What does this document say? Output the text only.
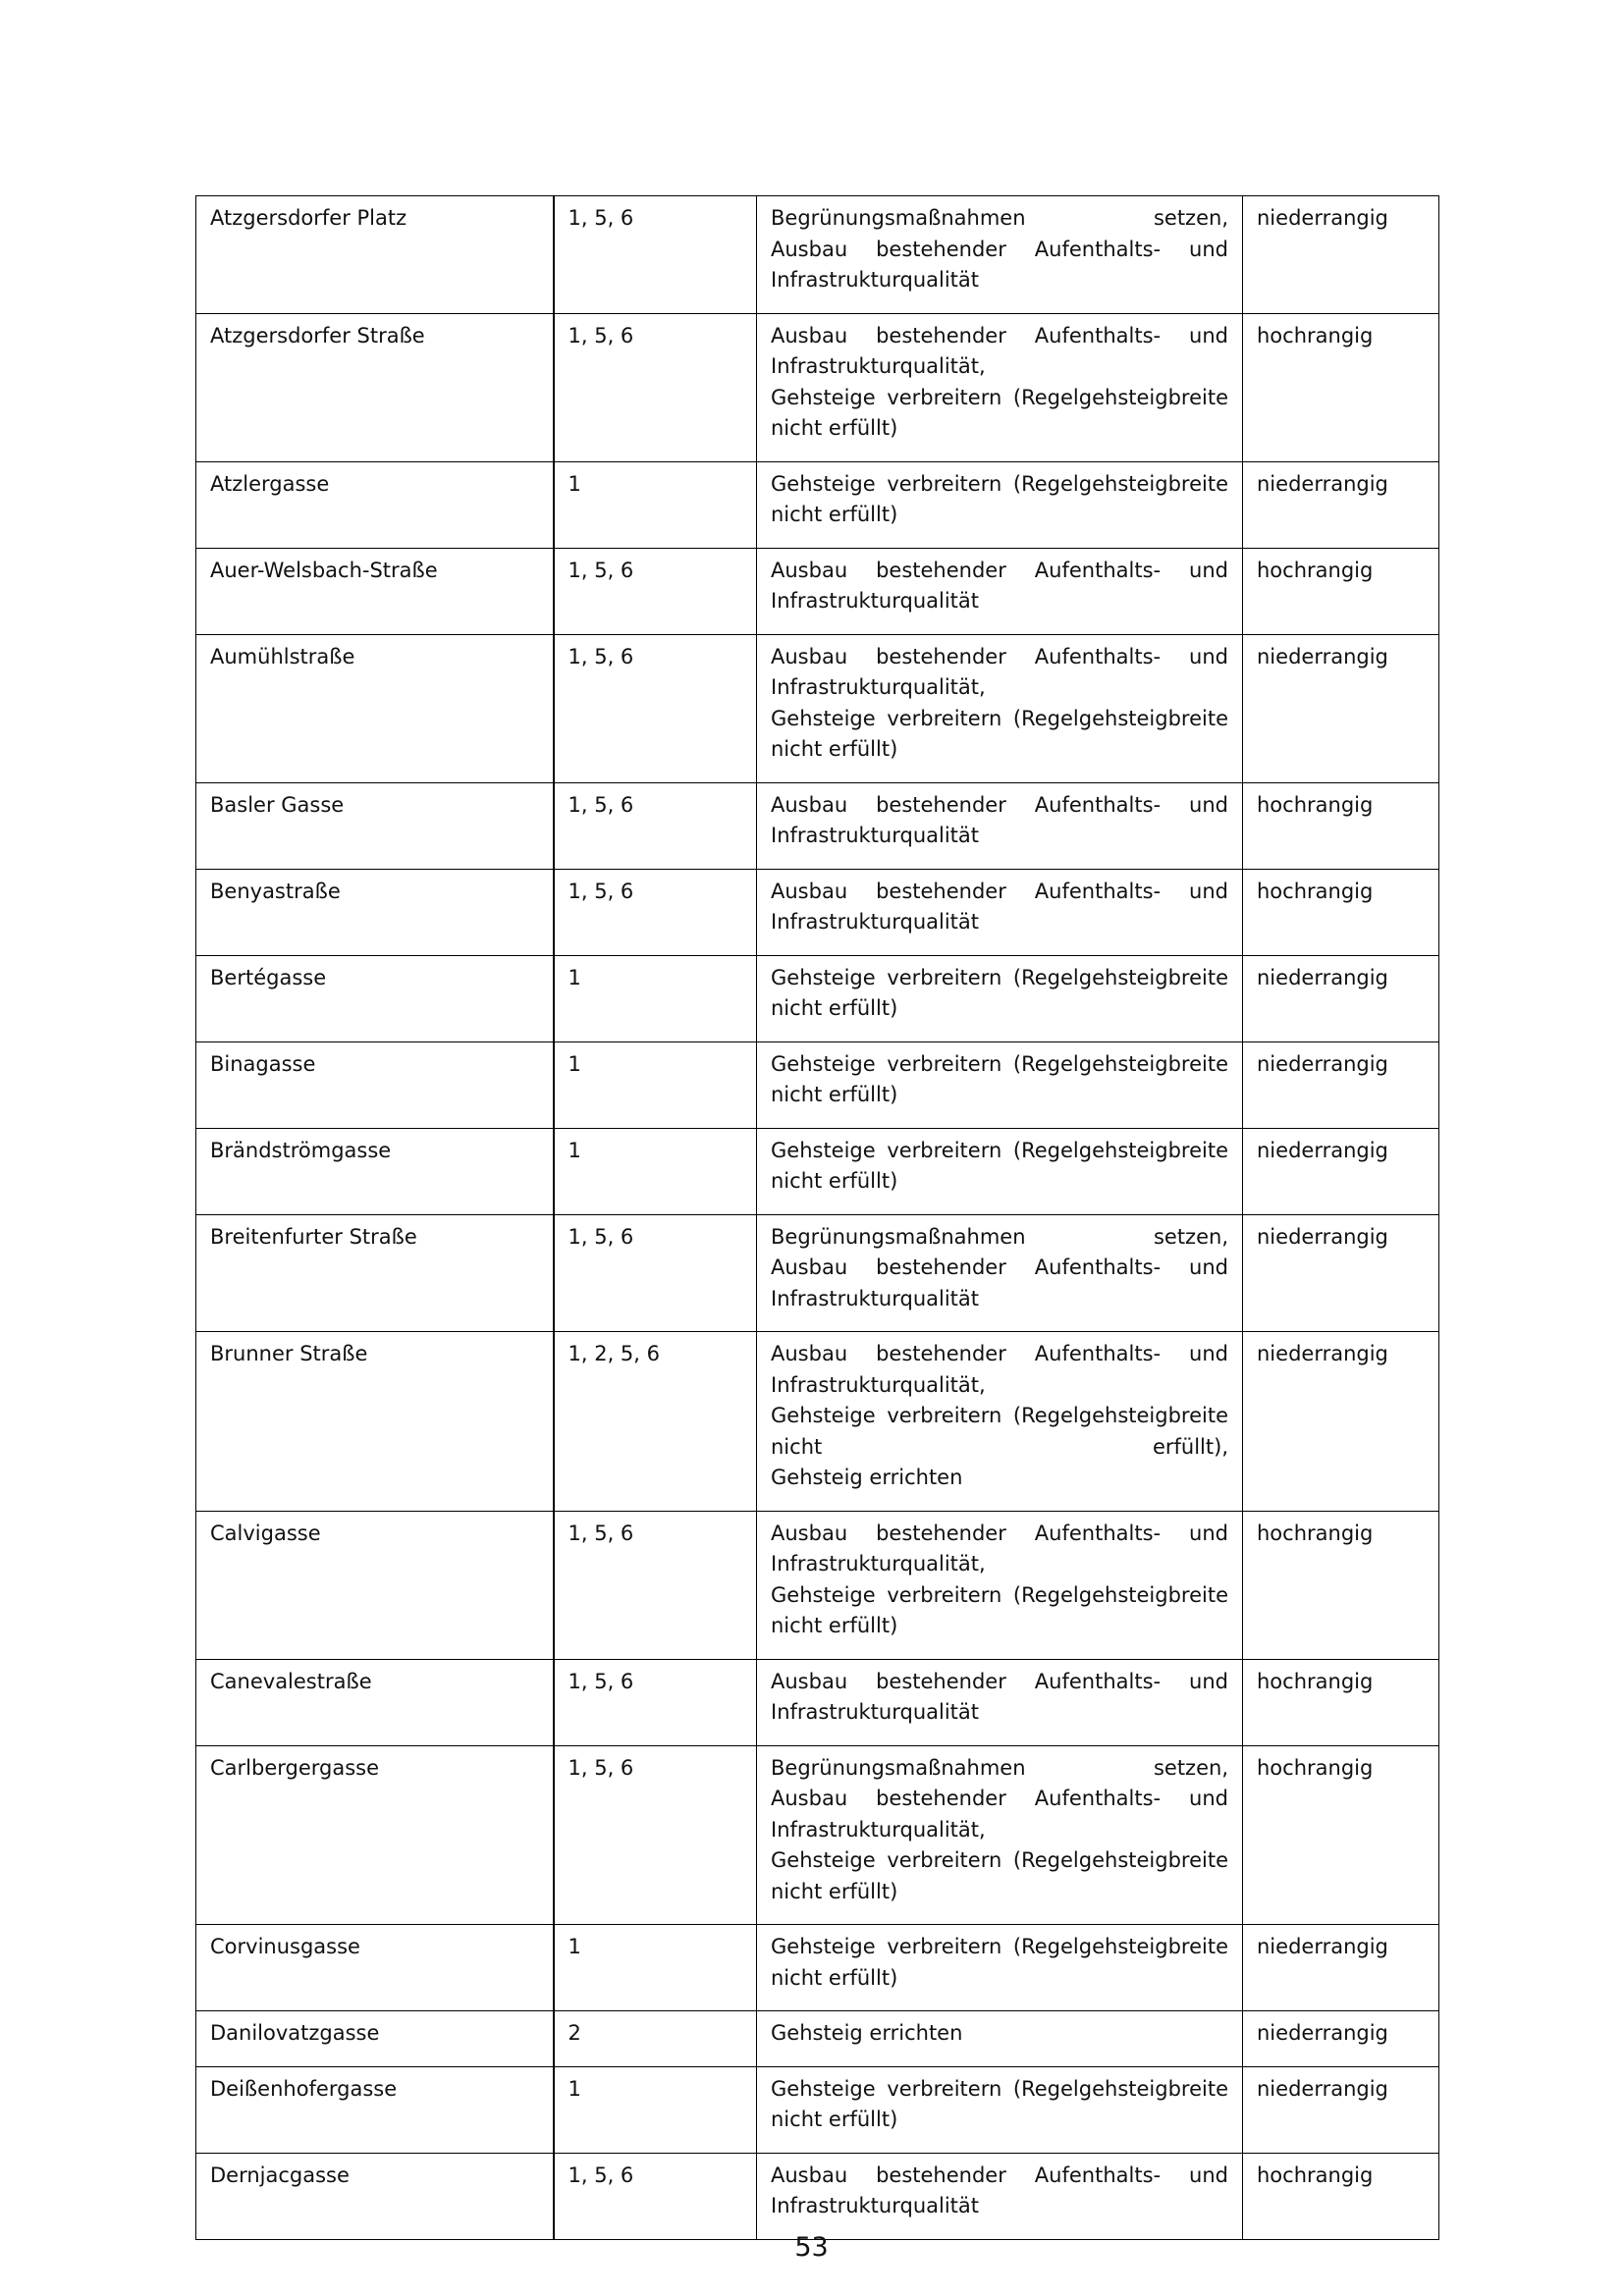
Atzgersdorfer Platz	1, 5, 6	Begrünungsmaßnahmen setzen,
Ausbau bestehender Aufenthalts- und
Infrastrukturqualität	niederrangig
Atzgersdorfer Straße	1, 5, 6	Ausbau bestehender Aufenthalts- und
Infrastrukturqualität,
Gehsteige verbreitern (Regelgehsteigbreite
nicht erfüllt)	hochrangig
Atzlergasse	1	Gehsteige verbreitern (Regelgehsteigbreite
nicht erfüllt)	niederrangig
Auer-Welsbach-Straße	1, 5, 6	Ausbau bestehender Aufenthalts- und
Infrastrukturqualität	hochrangig
Aumühlstraße	1, 5, 6	Ausbau bestehender Aufenthalts- und
Infrastrukturqualität,
Gehsteige verbreitern (Regelgehsteigbreite
nicht erfüllt)	niederrangig
Basler Gasse	1, 5, 6	Ausbau bestehender Aufenthalts- und
Infrastrukturqualität	hochrangig
Benyastraße	1, 5, 6	Ausbau bestehender Aufenthalts- und
Infrastrukturqualität	hochrangig
Bertégasse	1	Gehsteige verbreitern (Regelgehsteigbreite
nicht erfüllt)	niederrangig
Binagasse	1	Gehsteige verbreitern (Regelgehsteigbreite
nicht erfüllt)	niederrangig
Brändströmgasse	1	Gehsteige verbreitern (Regelgehsteigbreite
nicht erfüllt)	niederrangig
Breitenfurter Straße	1, 5, 6	Begrünungsmaßnahmen setzen,
Ausbau bestehender Aufenthalts- und
Infrastrukturqualität	niederrangig
Brunner Straße	1, 2, 5, 6	Ausbau bestehender Aufenthalts- und
Infrastrukturqualität,
Gehsteige verbreitern (Regelgehsteigbreite
nicht erfüllt),
Gehsteig errichten	niederrangig
Calvigasse	1, 5, 6	Ausbau bestehender Aufenthalts- und
Infrastrukturqualität,
Gehsteige verbreitern (Regelgehsteigbreite
nicht erfüllt)	hochrangig
Canevalestraße	1, 5, 6	Ausbau bestehender Aufenthalts- und
Infrastrukturqualität	hochrangig
Carlbergergasse	1, 5, 6	Begrünungsmaßnahmen setzen,
Ausbau bestehender Aufenthalts- und
Infrastrukturqualität,
Gehsteige verbreitern (Regelgehsteigbreite
nicht erfüllt)	hochrangig
Corvinusgasse	1	Gehsteige verbreitern (Regelgehsteigbreite
nicht erfüllt)	niederrangig
Danilovatzgasse	2	Gehsteig errichten	niederrangig
Deißenhofergasse	1	Gehsteige verbreitern (Regelgehsteigbreite
nicht erfüllt)	niederrangig
Dernjacgasse	1, 5, 6	Ausbau bestehender Aufenthalts- und
Infrastrukturqualität	hochrangig
53
